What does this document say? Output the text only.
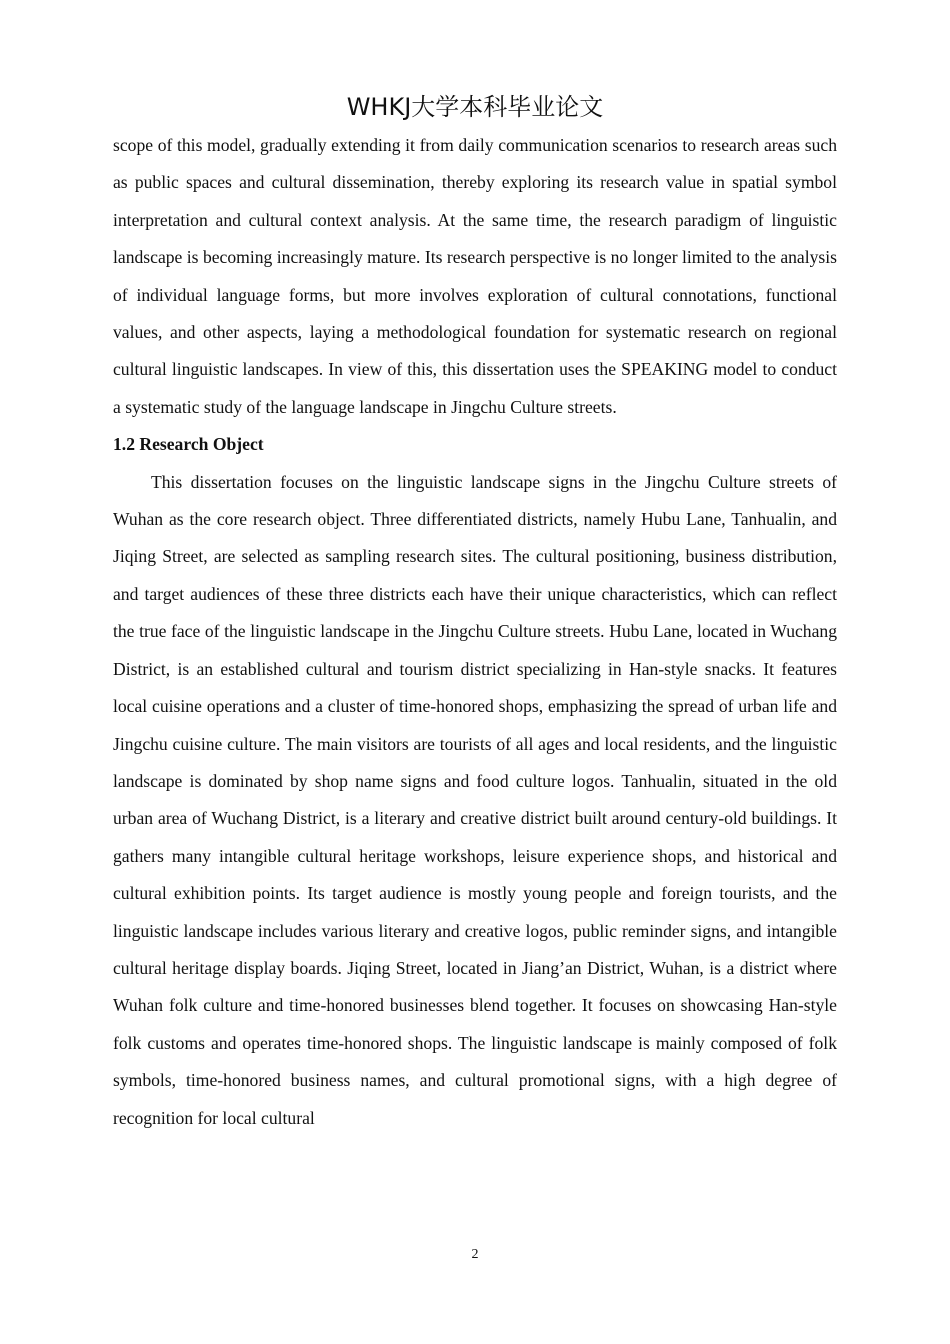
WHKJ大学本科毕业论文

scope of this model, gradually extending it from daily communication scenarios to research areas such as public spaces and cultural dissemination, thereby exploring its research value in spatial symbol interpretation and cultural context analysis. At the same time, the research paradigm of linguistic landscape is becoming increasingly mature. Its research perspective is no longer limited to the analysis of individual language forms, but more involves exploration of cultural connotations, functional values, and other aspects, laying a methodological foundation for systematic research on regional cultural linguistic landscapes. In view of this, this dissertation uses the SPEAKING model to conduct a systematic study of the language landscape in Jingchu Culture streets.

1.2 Research Object

This dissertation focuses on the linguistic landscape signs in the Jingchu Culture streets of Wuhan as the core research object. Three differentiated districts, namely Hubu Lane, Tanhualin, and Jiqing Street, are selected as sampling research sites. The cultural positioning, business distribution, and target audiences of these three districts each have their unique characteristics, which can reflect the true face of the linguistic landscape in the Jingchu Culture streets. Hubu Lane, located in Wuchang District, is an established cultural and tourism district specializing in Han-style snacks. It features local cuisine operations and a cluster of time-honored shops, emphasizing the spread of urban life and Jingchu cuisine culture. The main visitors are tourists of all ages and local residents, and the linguistic landscape is dominated by shop name signs and food culture logos. Tanhualin, situated in the old urban area of Wuchang District, is a literary and creative district built around century-old buildings. It gathers many intangible cultural heritage workshops, leisure experience shops, and historical and cultural exhibition points. Its target audience is mostly young people and foreign tourists, and the linguistic landscape includes various literary and creative logos, public reminder signs, and intangible cultural heritage display boards. Jiqing Street, located in Jiang’an District, Wuhan, is a district where Wuhan folk culture and time-honored businesses blend together. It focuses on showcasing Han-style folk customs and operates time-honored shops. The linguistic landscape is mainly composed of folk symbols, time-honored business names, and cultural promotional signs, with a high degree of recognition for local cultural

2
